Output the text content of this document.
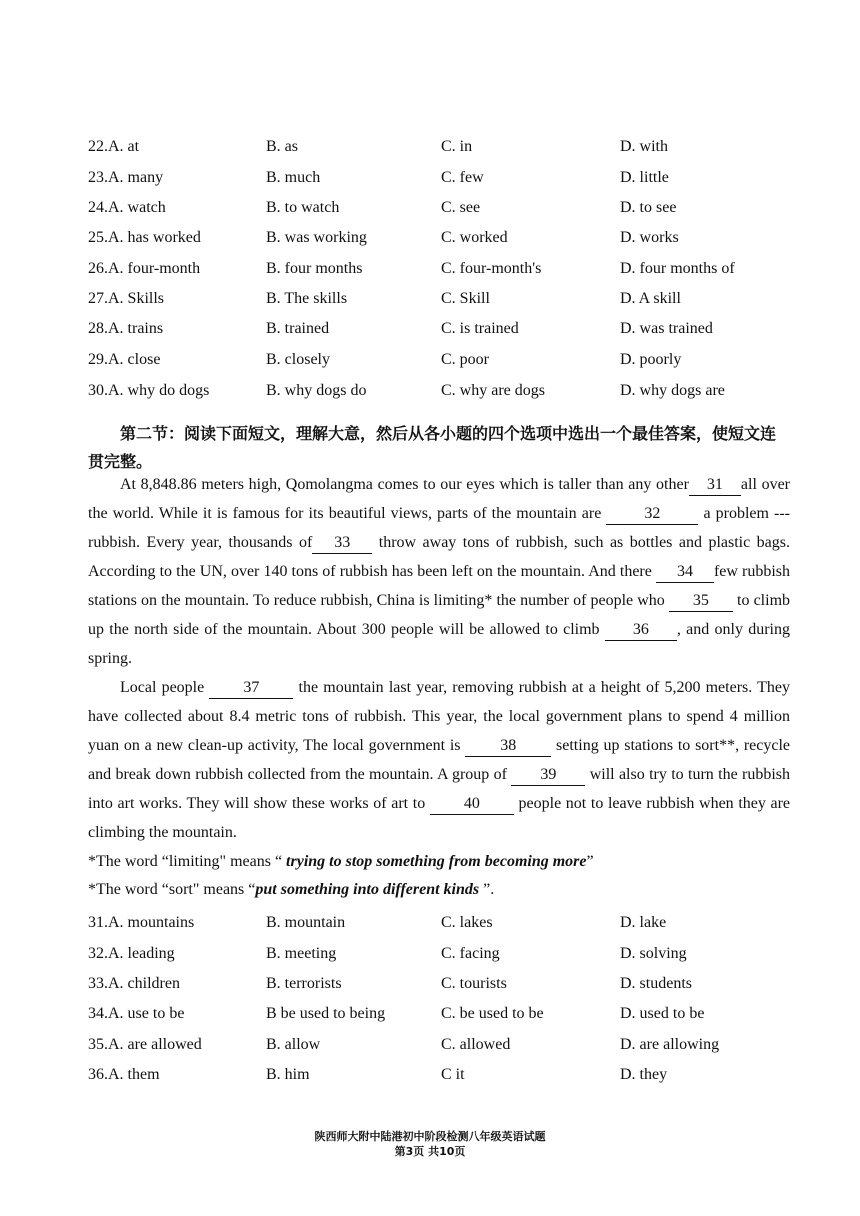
22.A. at	B. as	C. in	D. with
23.A. many	B. much	C. few	D. little
24.A. watch	B. to watch	C. see	D. to see
25.A. has worked	B. was working	C. worked	D. works
26.A. four-month	B. four months	C. four-month's	D. four months of
27.A. Skills	B. The skills	C. Skill	D. A skill
28.A. trains	B. trained	C. is trained	D. was trained
29.A. close	B. closely	C. poor	D. poorly
30.A. why do dogs	B. why dogs do	C. why are dogs	D. why dogs are
第二节：阅读下面短文，理解大意，然后从各小题的四个选项中选出一个最佳答案，使短文连贯完整。

At 8,848.86 meters high, Qomolangma comes to our eyes which is taller than any other 31 all over the world. While it is famous for its beautiful views, parts of the mountain are	32	a problem --- rubbish. Every year, thousands of 33 throw away tons of rubbish, such as bottles and plastic bags. According to the UN, over 140 tons of rubbish has been left on the mountain. And there 34 few rubbish stations on the mountain. To reduce rubbish, China is limiting* the number of people who 35 to climb up the north side of the mountain. About 300 people will be allowed to climb 36 , and only during spring.

Local people 37 the mountain last year, removing rubbish at a height of 5,200 meters. They have collected about 8.4 metric tons of rubbish. This year, the local government plans to spend 4 million yuan on a new clean-up activity, The local government is 38 setting up stations to sort**, recycle and break down rubbish collected from the mountain. A group of 39 will also try to turn the rubbish into art works. They will show these works of art to 40 people not to leave rubbish when they are climbing the mountain.

*The word “limiting" means “ trying to stop something from becoming more”
*The word “sort" means “put something into different kinds ”.
31.A. mountains	B. mountain	C. lakes	D. lake
32.A. leading	B. meeting	C. facing	D. solving
33.A. children	B. terrorists	C. tourists	D. students
34.A. use to be	B be used to being	C. be used to be	D. used to be
35.A. are allowed	B. allow	C. allowed	D. are allowing
36.A. them	B. him	C it	D. they
陕西师大附中陆港初中阶段检测八年级英语试题
第3页 共10页
